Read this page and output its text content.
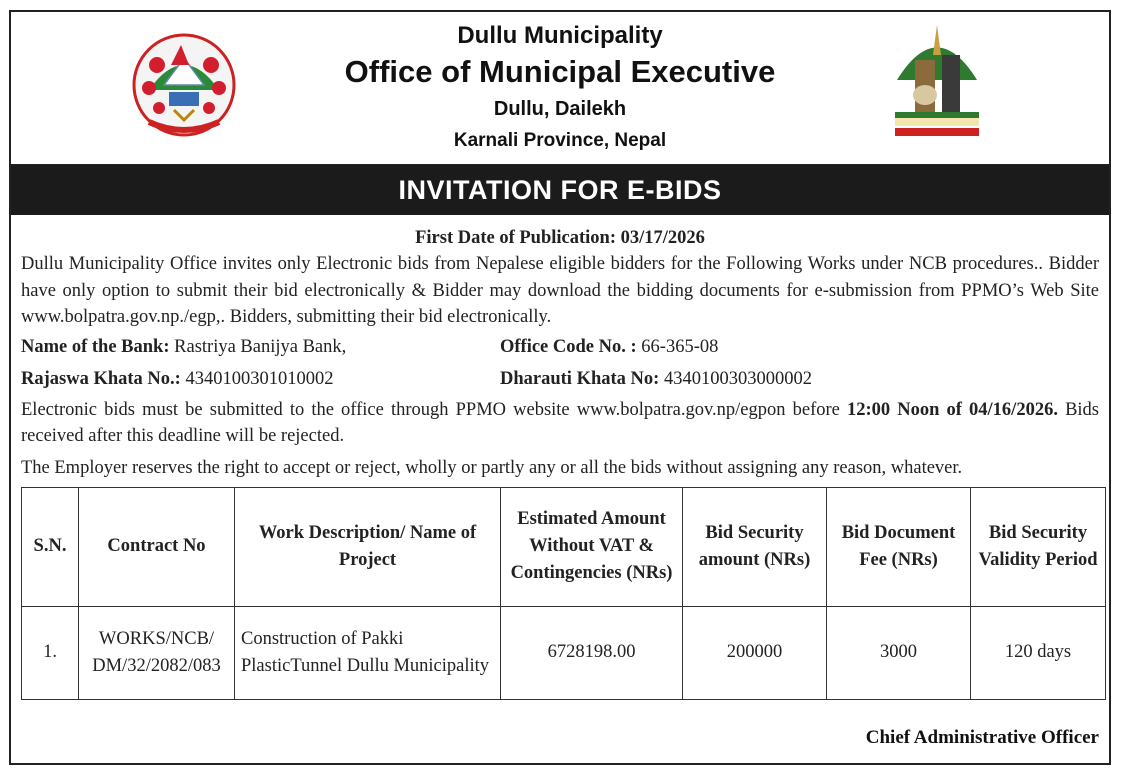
Dullu Municipality
Office of Municipal Executive
Dullu, Dailekh
Karnali Province, Nepal
INVITATION FOR E-BIDS
First Date of Publication: 03/17/2026

Dullu Municipality Office invites only Electronic bids from Nepalese eligible bidders for the Following Works under NCB procedures.. Bidder have only option to submit their bid electronically & Bidder may download the bidding documents for e-submission from PPMO’s Web Site www.bolpatra.gov.np./egp,. Bidders, submitting their bid electronically.

Name of the Bank: Rastriya Banijya Bank,	Office Code No. : 66-365-08
Rajaswa Khata No.: 4340100301010002	Dharauti Khata No: 4340100303000002

Electronic bids must be submitted to the office through PPMO website www.bolpatra.gov.np/egpon before 12:00 Noon of 04/16/2026. Bids received after this deadline will be rejected.

The Employer reserves the right to accept or reject, wholly or partly any or all the bids without assigning any reason, whatever.

S.N.	Contract No	Work Description/ Name of Project	Estimated Amount Without VAT & Contingencies (NRs)	Bid Security amount (NRs)	Bid Document Fee (NRs)	Bid Security Validity Period
1.	WORKS/NCB/ DM/32/2082/083	Construction of Pakki PlasticTunnel Dullu Municipality	6728198.00	200000	3000	120 days
Chief Administrative Officer
